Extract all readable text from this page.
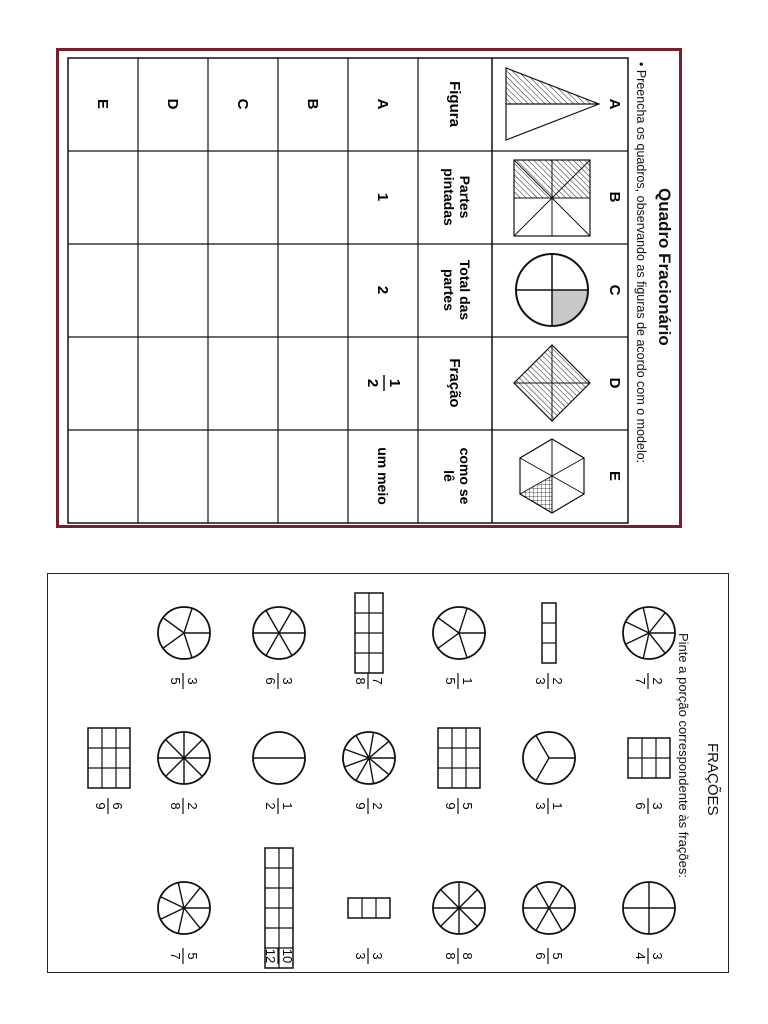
Quadro Fracionário
• Preencha os quadros, observando as figuras de acordo com o modelo:
A
B
C
D
E
Figura
Partespintadas
Total daspartes
Fração
como selê
A
B
C
D
E
1
2
1
2
um meio
FRAÇÕES
Pinte a porção correspondente às frações:
2
7
3
6
3
4
2
3
1
3
5
6
1
5
5
9
8
8
7
8
2
9
3
3
3
6
1
2
10
12
3
5
2
8
5
7
6
9
